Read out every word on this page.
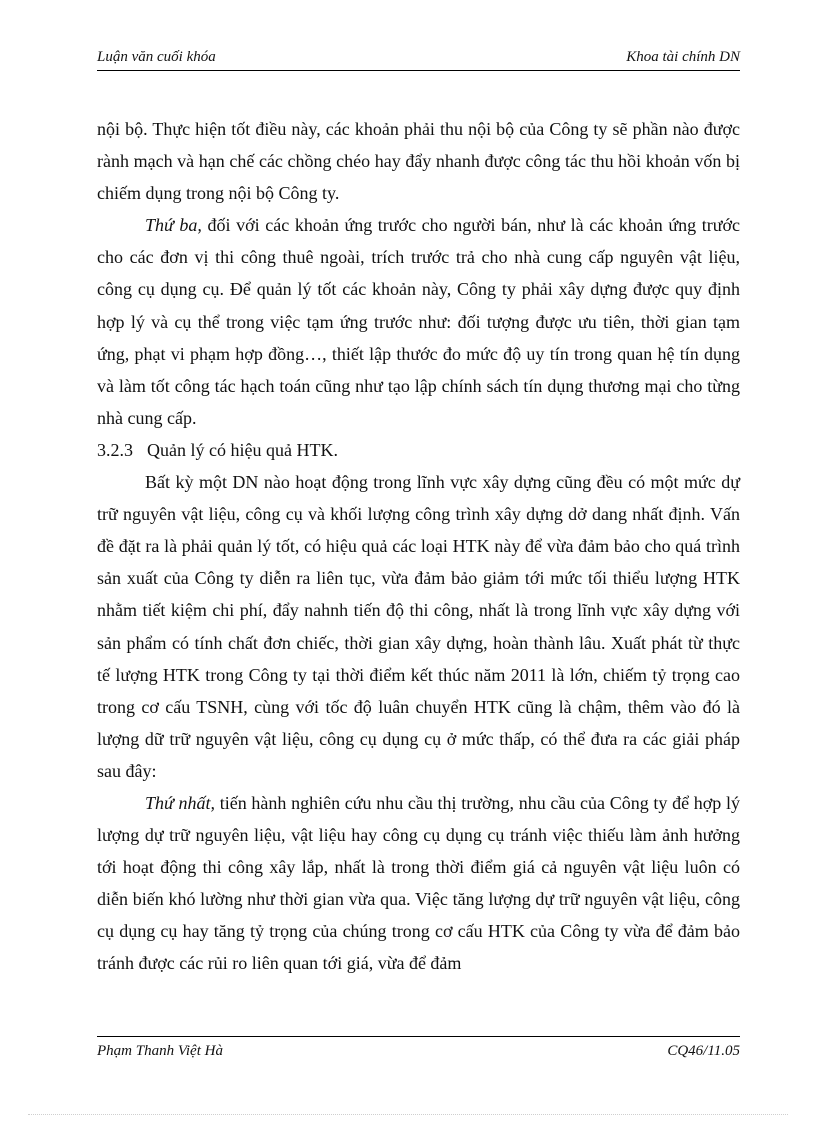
Luận văn cuối khóa	Khoa tài chính DN

nội bộ. Thực hiện tốt điều này, các khoản phải thu nội bộ của Công ty sẽ phần nào được rành mạch và hạn chế các chồng chéo hay đẩy nhanh được công tác thu hồi khoản vốn bị chiếm dụng trong nội bộ Công ty.

Thứ ba, đối với các khoản ứng trước cho người bán, như là các khoản ứng trước cho các đơn vị thi công thuê ngoài, trích trước trả cho nhà cung cấp nguyên vật liệu, công cụ dụng cụ. Để quản lý tốt các khoản này, Công ty phải xây dựng được quy định hợp lý và cụ thể trong việc tạm ứng trước như: đối tượng được ưu tiên, thời gian tạm ứng, phạt vi phạm hợp đồng…, thiết lập thước đo mức độ uy tín trong quan hệ tín dụng và làm tốt công tác hạch toán cũng như tạo lập chính sách tín dụng thương mại cho từng nhà cung cấp.

3.2.3 Quản lý có hiệu quả HTK.

Bất kỳ một DN nào hoạt động trong lĩnh vực xây dựng cũng đều có một mức dự trữ nguyên vật liệu, công cụ và khối lượng công trình xây dựng dở dang nhất định. Vấn đề đặt ra là phải quản lý tốt, có hiệu quả các loại HTK này để vừa đảm bảo cho quá trình sản xuất của Công ty diễn ra liên tục, vừa đảm bảo giảm tới mức tối thiểu lượng HTK nhằm tiết kiệm chi phí, đẩy nahnh tiến độ thi công, nhất là trong lĩnh vực xây dựng với sản phẩm có tính chất đơn chiếc, thời gian xây dựng, hoàn thành lâu. Xuất phát từ thực tế lượng HTK trong Công ty tại thời điểm kết thúc năm 2011 là lớn, chiếm tỷ trọng cao trong cơ cấu TSNH, cùng với tốc độ luân chuyển HTK cũng là chậm, thêm vào đó là lượng dữ trữ nguyên vật liệu, công cụ dụng cụ ở mức thấp, có thể đưa ra các giải pháp sau đây:

Thứ nhất, tiến hành nghiên cứu nhu cầu thị trường, nhu cầu của Công ty để hợp lý lượng dự trữ nguyên liệu, vật liệu hay công cụ dụng cụ tránh việc thiếu làm ảnh hưởng tới hoạt động thi công xây lắp, nhất là trong thời điểm giá cả nguyên vật liệu luôn có diễn biến khó lường như thời gian vừa qua. Việc tăng lượng dự trữ nguyên vật liệu, công cụ dụng cụ hay tăng tỷ trọng của chúng trong cơ cấu HTK của Công ty vừa để đảm bảo tránh được các rủi ro liên quan tới giá, vừa để đảm

Phạm Thanh Việt Hà	CQ46/11.05
